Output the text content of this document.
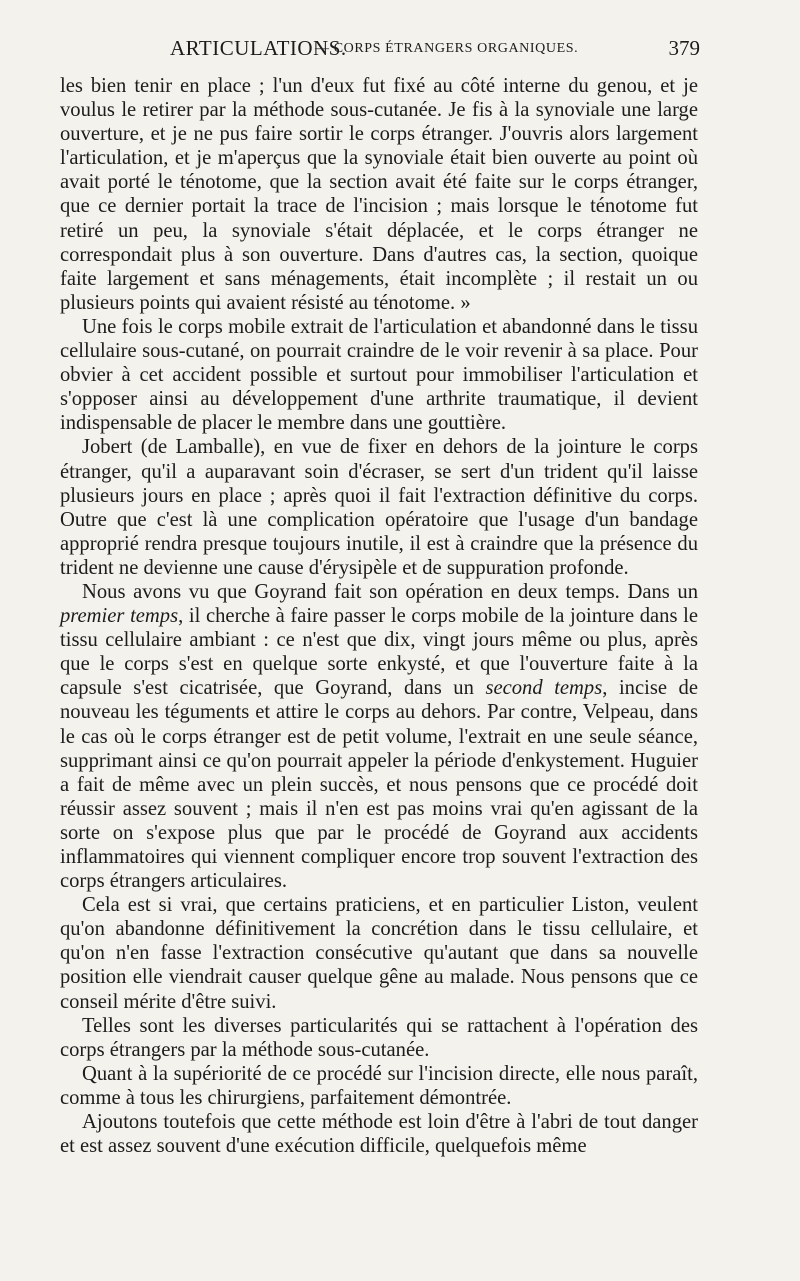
ARTICULATIONS.
— CORPS ÉTRANGERS ORGANIQUES.	379

les bien tenir en place ; l'un d'eux fut fixé au côté interne du genou, et je voulus le retirer par la méthode sous-cutanée. Je fis à la synoviale une large ouverture, et je ne pus faire sortir le corps étranger. J'ouvris alors largement l'articulation, et je m'aperçus que la synoviale était bien ouverte au point où avait porté le ténotome, que la section avait été faite sur le corps étranger, que ce dernier portait la trace de l'incision ; mais lorsque le ténotome fut retiré un peu, la synoviale s'était déplacée, et le corps étranger ne correspondait plus à son ouverture. Dans d'autres cas, la section, quoique faite largement et sans ménagements, était incomplète ; il restait un ou plusieurs points qui avaient résisté au ténotome. »

Une fois le corps mobile extrait de l'articulation et abandonné dans le tissu cellulaire sous-cutané, on pourrait craindre de le voir revenir à sa place. Pour obvier à cet accident possible et surtout pour immobiliser l'articulation et s'opposer ainsi au développement d'une arthrite traumatique, il devient indispensable de placer le membre dans une gouttière.

Jobert (de Lamballe), en vue de fixer en dehors de la jointure le corps étranger, qu'il a auparavant soin d'écraser, se sert d'un trident qu'il laisse plusieurs jours en place ; après quoi il fait l'extraction définitive du corps. Outre que c'est là une complication opératoire que l'usage d'un bandage approprié rendra presque toujours inutile, il est à craindre que la présence du trident ne devienne une cause d'érysipèle et de suppuration profonde.

Nous avons vu que Goyrand fait son opération en deux temps. Dans un premier temps, il cherche à faire passer le corps mobile de la jointure dans le tissu cellulaire ambiant : ce n'est que dix, vingt jours même ou plus, après que le corps s'est en quelque sorte enkysté, et que l'ouverture faite à la capsule s'est cicatrisée, que Goyrand, dans un second temps, incise de nouveau les téguments et attire le corps au dehors. Par contre, Velpeau, dans le cas où le corps étranger est de petit volume, l'extrait en une seule séance, supprimant ainsi ce qu'on pourrait appeler la période d'enkystement. Huguier a fait de même avec un plein succès, et nous pensons que ce procédé doit réussir assez souvent ; mais il n'en est pas moins vrai qu'en agissant de la sorte on s'expose plus que par le procédé de Goyrand aux accidents inflammatoires qui viennent compliquer encore trop souvent l'extraction des corps étrangers articulaires.

Cela est si vrai, que certains praticiens, et en particulier Liston, veulent qu'on abandonne définitivement la concrétion dans le tissu cellulaire, et qu'on n'en fasse l'extraction consécutive qu'autant que dans sa nouvelle position elle viendrait causer quelque gêne au malade. Nous pensons que ce conseil mérite d'être suivi.

Telles sont les diverses particularités qui se rattachent à l'opération des corps étrangers par la méthode sous-cutanée.

Quant à la supériorité de ce procédé sur l'incision directe, elle nous paraît, comme à tous les chirurgiens, parfaitement démontrée.

Ajoutons toutefois que cette méthode est loin d'être à l'abri de tout danger et est assez souvent d'une exécution difficile, quelquefois même
